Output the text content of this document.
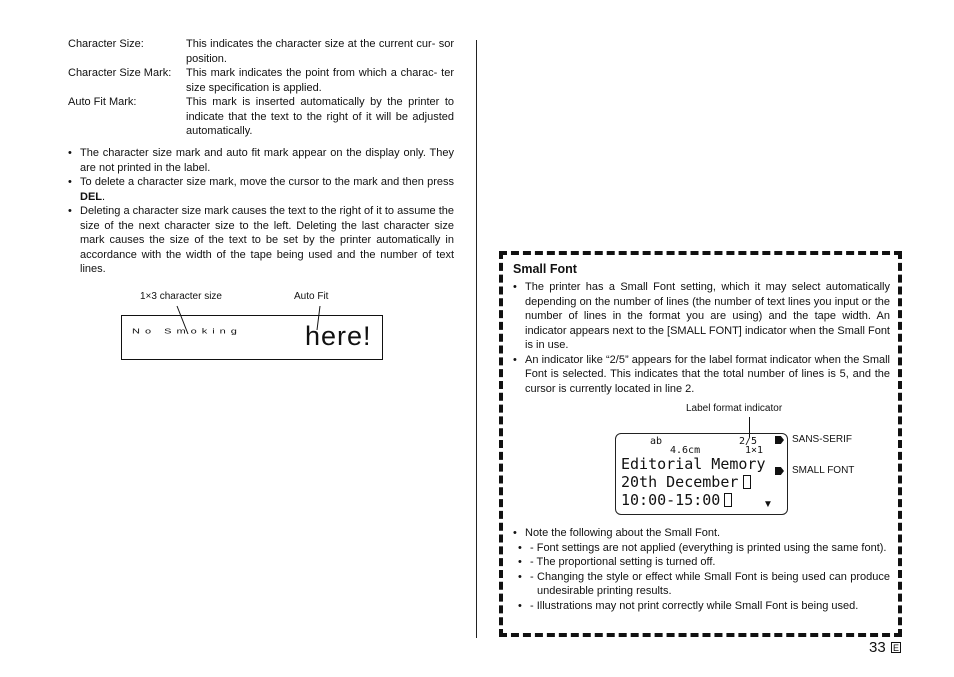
Character Size:	This indicates the character size at the current cur- sor position.
Character Size Mark: This mark indicates the point from which a charac- ter size specification is applied.
Auto Fit Mark:	This mark is inserted automatically by the printer to indicate that the text to the right of it will be adjusted automatically.
• The character size mark and auto fit mark appear on the display only. They are not printed in the label.
• To delete a character size mark, move the cursor to the mark and then press DEL.
• Deleting a character size mark causes the text to the right of it to assume the size of the next character size to the left. Deleting the last character size mark causes the size of the text to be set by the printer automatically in accordance with the width of the tape being used and the number of text lines.
1×3 character size	Auto Fit
No Smoking here!
Small Font
• The printer has a Small Font setting, which it may select automatically depending on the number of lines (the number of text lines you input or the number of lines in the format you are using) and the tape width. An indicator appears next to the [SMALL FONT] indicator when the Small Font is in use.
• An indicator like “2/5” appears for the label format indicator when the Small Font is selected. This indicates that the total number of lines is 5, and the cursor is currently located in line 2.
Label format indicator
ab
4.6cm
2/5
1×1
Editorial Memory
20th December
10:00-15:00	▼
SANS-SERIF
SMALL FONT
• Note the following about the Small Font.
• - Font settings are not applied (everything is printed using the same font).
• - The proportional setting is turned off.
• - Changing the style or effect while Small Font is being used can produce undesirable printing results.
• - Illustrations may not print correctly while Small Font is being used.
33 E
